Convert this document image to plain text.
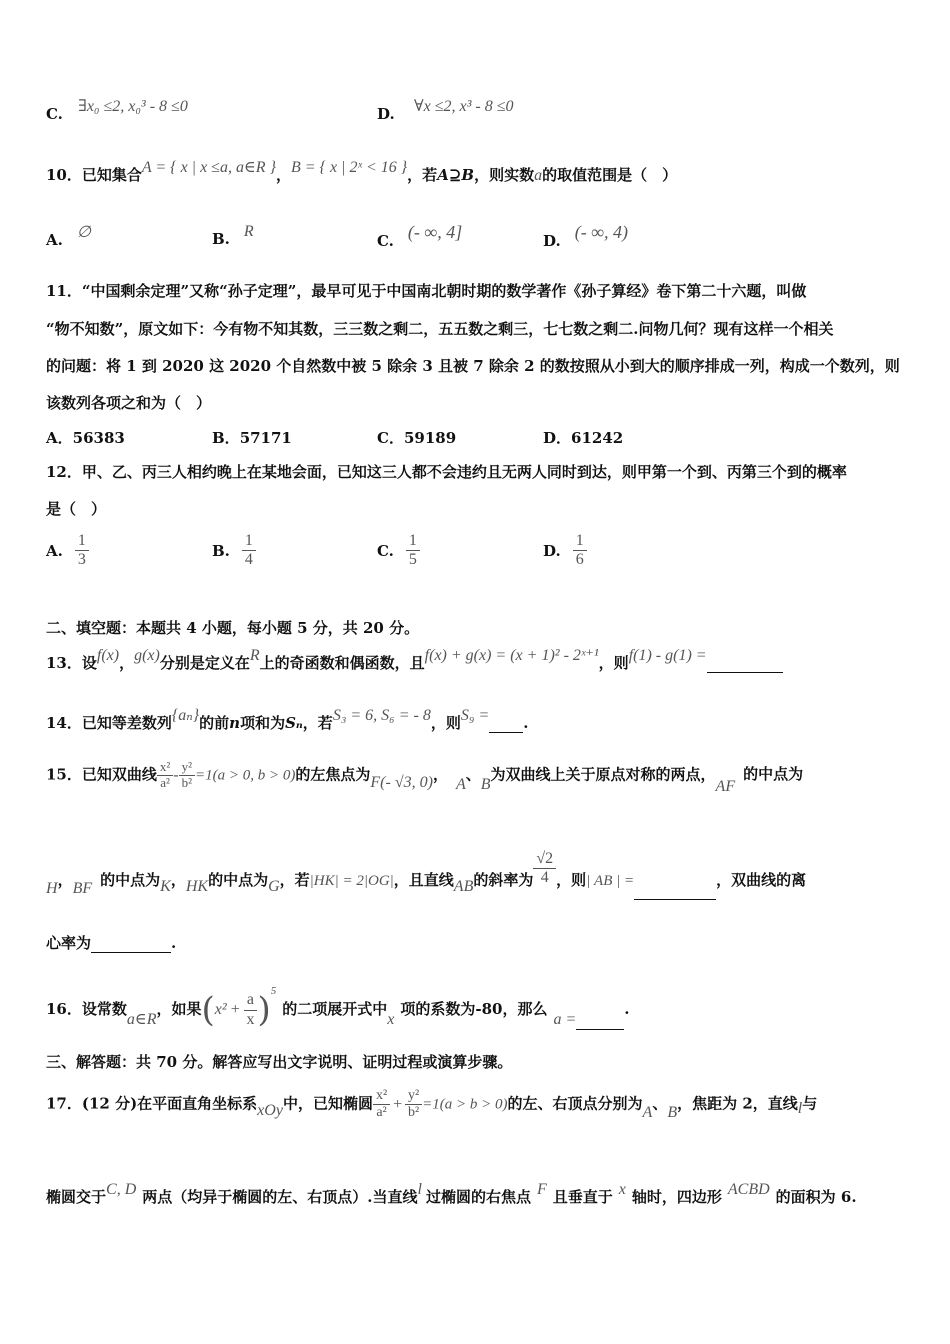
C. ∃x₀ ≤2, x₀³ - 8 ≤0	D. ∀x ≤2, x³ - 8 ≤0
10．已知集合A = { x | x ≤a, a∈R }，B = { x | 2ˣ < 16 }，若A⊇B，则实数a的取值范围是（　）
A. ∅	B. R
C. (- ∞, 4]	D. (- ∞, 4)
11．“中国剩余定理”又称“孙子定理”，最早可见于中国南北朝时期的数学著作《孙子算经》卷下第二十六题，叫做
“物不知数”，原文如下：今有物不知其数，三三数之剩二，五五数之剩三，七七数之剩二.问物几何？现有这样一个相关
的问题：将 1 到 2020 这 2020 个自然数中被 5 除余 3 且被 7 除余 2 的数按照从小到大的顺序排成一列，构成一个数列，则
该数列各项之和为（　）
A．56383	B．57171	C．59189	D．61242
12．甲、乙、丙三人相约晚上在某地会面，已知这三人都不会违约且无两人同时到达，则甲第一个到、丙第三个到的概率
是（　）
A. $\frac{1}{3}$	B. $\frac{1}{4}$	C. $\frac{1}{5}$	D. $\frac{1}{6}$
二、填空题：本题共 4 小题，每小题 5 分，共 20 分。
13．设f(x)，g(x)分别是定义在R上的奇函数和偶函数，且f(x) + g(x) = (x + 1)² - 2ˣ⁺¹，则f(1) - g(1) =
14．已知等差数列{aₙ}的前n项和为Sₙ，若S₃ = 6, S₆ = - 8，则S₉ = .
15．已知双曲线 $\frac{\text{x²}}{\text{a²}} - \frac{\text{y²}}{\text{b²}} =1(a > 0$, b > 0)的左焦点为F(- √3, 0)，A、B为双曲线上关于原点对称的两点，AF的中点为
H，BF 的中点为K，HK的中点为G，若|HK| = 2|OG|，且直线AB的斜率为 $\frac{√2}{4}$ ，则| AB | =	，双曲线的离
心率为	.
16．设常数a∈R，如果$(x^2 + \frac{a}{x} )^5$的二项展开式中x项的系数为-80，那么a =.
三、解答题：共 70 分。解答应写出文字说明、证明过程或演算步骤。
17．(12 分)在平面直角坐标系xOy中，已知椭圆 $\frac{\text{x²}}{\text{a²}} + \frac{\text{y²}}{\text{b²}} =1(a > b > 0)$的左、右顶点分别为A、B，焦距为 2，直线l与
椭圆交于C, D 两点（均异于椭圆的左、右顶点）.当直线l 过椭圆的右焦点 F 且垂直于 x 轴时，四边形 ACBD 的面积为 6.
